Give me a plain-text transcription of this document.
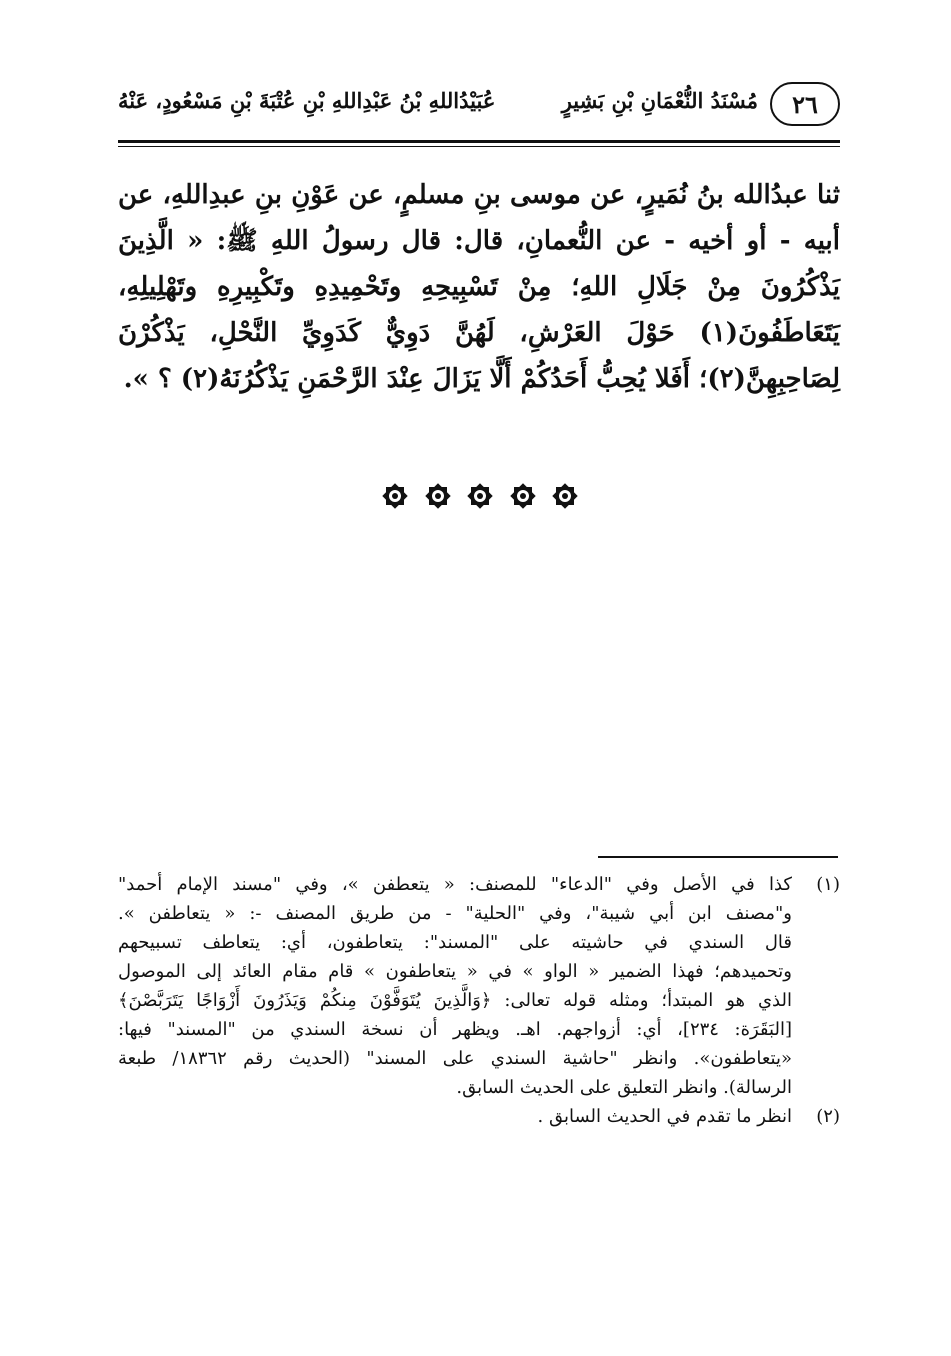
٢٦
مُسْنَدُ النُّعْمَانِ بْنِ بَشِيرٍ
عُبَيْدُاللهِ بْنُ عَبْدِاللهِ بْنِ عُتْبَةَ بْنِ مَسْعُودٍ، عَنْهُ
ثنا عبدُالله بنُ نُمَيرٍ، عن موسى بنِ مسلمٍ، عن عَوْنِ بنِ عبدِاللهِ، عن
أبيه - أو أخيه - عن النُّعمانِ، قال: قال رسولُ اللهِ ﷺ: « الَّذِينَ
يَذْكُرُونَ مِنْ جَلَالِ اللهِ؛ مِنْ تَسْبِيحِهِ وتَحْمِيدِهِ وتَكْبِيرِهِ وتَهْلِيلِهِ،
يَتَعَاطَفُونَ(١) حَوْلَ العَرْشِ، لَهُنَّ دَوِيٌّ كَدَوِيِّ النَّحْلِ، يَذْكُرْنَ
لِصَاحِبِهِنَّ(٢)؛ أَفَلا يُحِبُّ أَحَدُكُمْ أَلَّا يَزَالَ عِنْدَ الرَّحْمَنِ يَذْكُرُنَهُ(٢) ؟ ».
(١)
كذا في الأصل وفي "الدعاء" للمصنف: « يتعطفن »، وفي "مسند الإمام أحمد"
و"مصنف ابن أبي شيبة"، وفي "الحلية" - من طريق المصنف -: « يتعاطفن ».
قال السندي في حاشيته على "المسند": يتعاطفون، أي: يتعاطف تسبيحهم
وتحميدهم؛ فهذا الضمير « الواو » في « يتعاطفون » قام مقام العائد إلى الموصول
الذي هو المبتدأ؛ ومثله قوله تعالى: ﴿وَالَّذِينَ يُتَوَفَّوْنَ مِنكُمْ وَيَذَرُونَ أَزْوَاجًا يَتَرَبَّصْنَ﴾
[البَقَرَة: ٢٣٤]، أي: أزواجهم. اهـ. ويظهر أن نسخة السندي من "المسند" فيها:
«يتعاطفون». وانظر "حاشية السندي على المسند" (الحديث رقم ١٨٣٦٢/ طبعة
الرسالة). وانظر التعليق على الحديث السابق.
(٢)
انظر ما تقدم في الحديث السابق .
